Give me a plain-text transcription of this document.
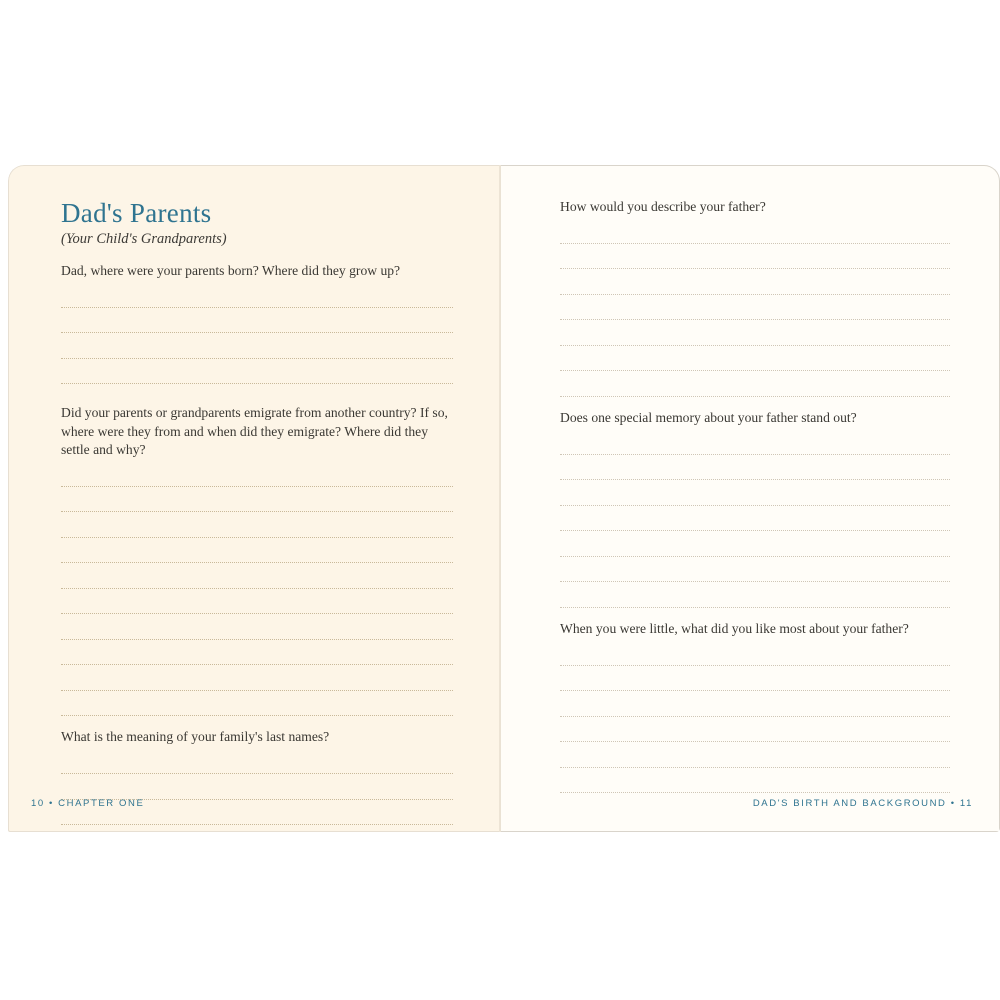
Dad's Parents
(Your Child's Grandparents)

Dad, where were your parents born? Where did they grow up?

Did your parents or grandparents emigrate from another country? If so, where were they from and when did they emigrate? Where did they settle and why?

What is the meaning of your family's last names?

10 • CHAPTER ONE

How would you describe your father?

Does one special memory about your father stand out?

When you were little, what did you like most about your father?

DAD'S BIRTH AND BACKGROUND • 11
